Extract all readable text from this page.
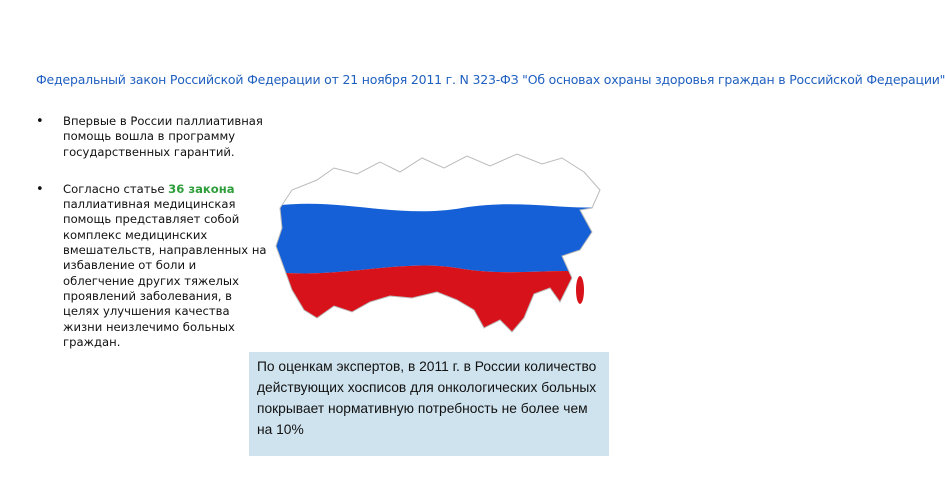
Федеральный закон Российской Федерации от 21 ноября 2011 г. N 323-ФЗ "Об основах охраны здоровья граждан в Российской Федерации"
• Впервые в России паллиативная помощь вошла в программу государственных гарантий.
• Согласно статье 36 закона паллиативная медицинская помощь представляет собой комплекс медицинских вмешательств, направленных на избавление от боли и облегчение других тяжелых проявлений заболевания, в целях улучшения качества жизни неизлечимо больных граждан.
По оценкам экспертов, в 2011 г. в России количество действующих хосписов для онкологических больных покрывает нормативную потребность не более чем на 10%
